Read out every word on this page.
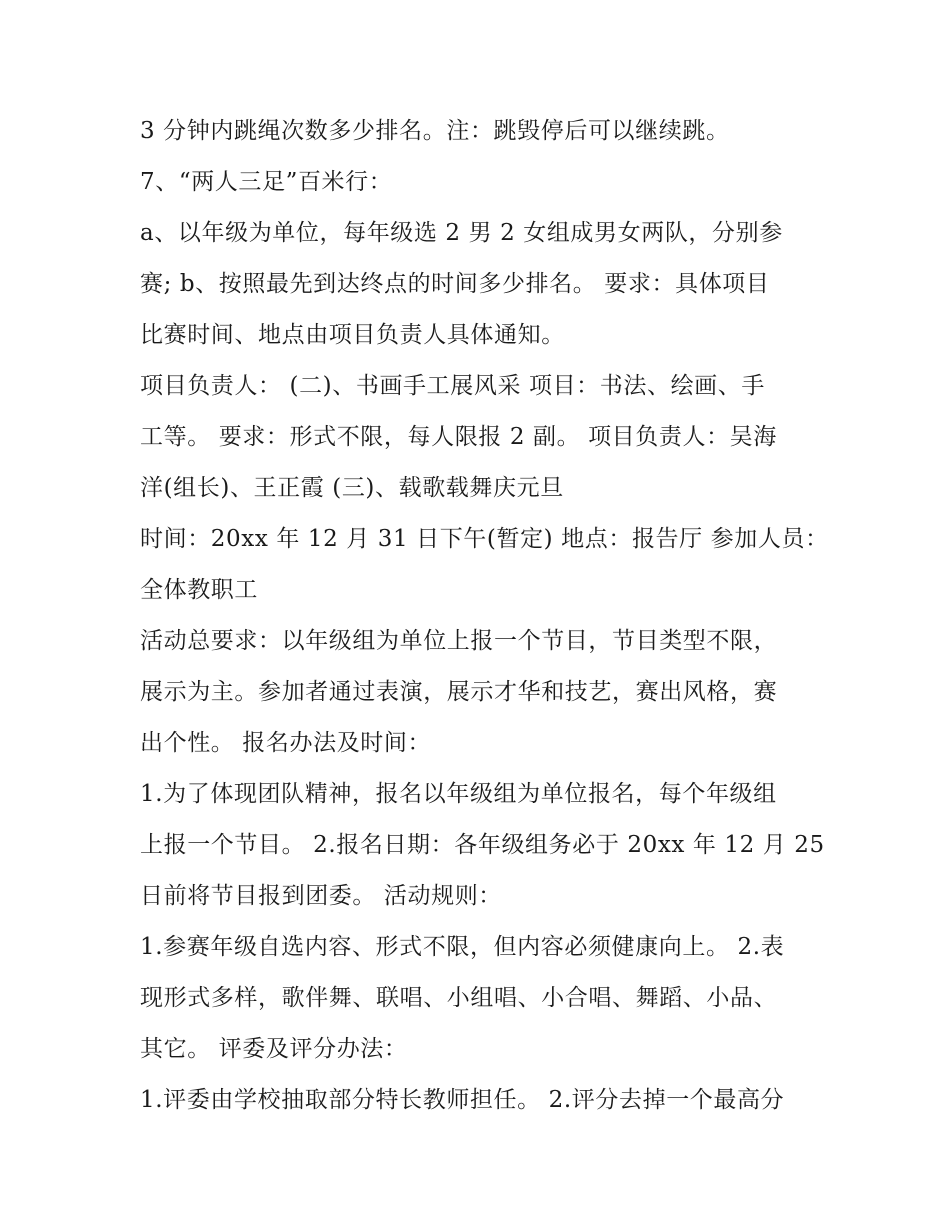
3 分钟内跳绳次数多少排名。注：跳毁停后可以继续跳。
7、“两人三足”百米行：
a、以年级为单位，每年级选 2 男 2 女组成男女两队，分别参
赛; b、按照最先到达终点的时间多少排名。 要求：具体项目
比赛时间、地点由项目负责人具体通知。
项目负责人： (二)、书画手工展风采 项目：书法、绘画、手
工等。 要求：形式不限，每人限报 2 副。 项目负责人：吴海
洋(组长)、王正霞 (三)、载歌载舞庆元旦
时间：20xx 年 12 月 31 日下午(暂定) 地点：报告厅 参加人员：
全体教职工
活动总要求：以年级组为单位上报一个节目，节目类型不限，
展示为主。参加者通过表演，展示才华和技艺，赛出风格，赛
出个性。 报名办法及时间：
1.为了体现团队精神，报名以年级组为单位报名，每个年级组
上报一个节目。 2.报名日期：各年级组务必于 20xx 年 12 月 25
日前将节目报到团委。 活动规则：
1.参赛年级自选内容、形式不限，但内容必须健康向上。 2.表
现形式多样，歌伴舞、联唱、小组唱、小合唱、舞蹈、小品、
其它。 评委及评分办法：
1.评委由学校抽取部分特长教师担任。 2.评分去掉一个最高分
